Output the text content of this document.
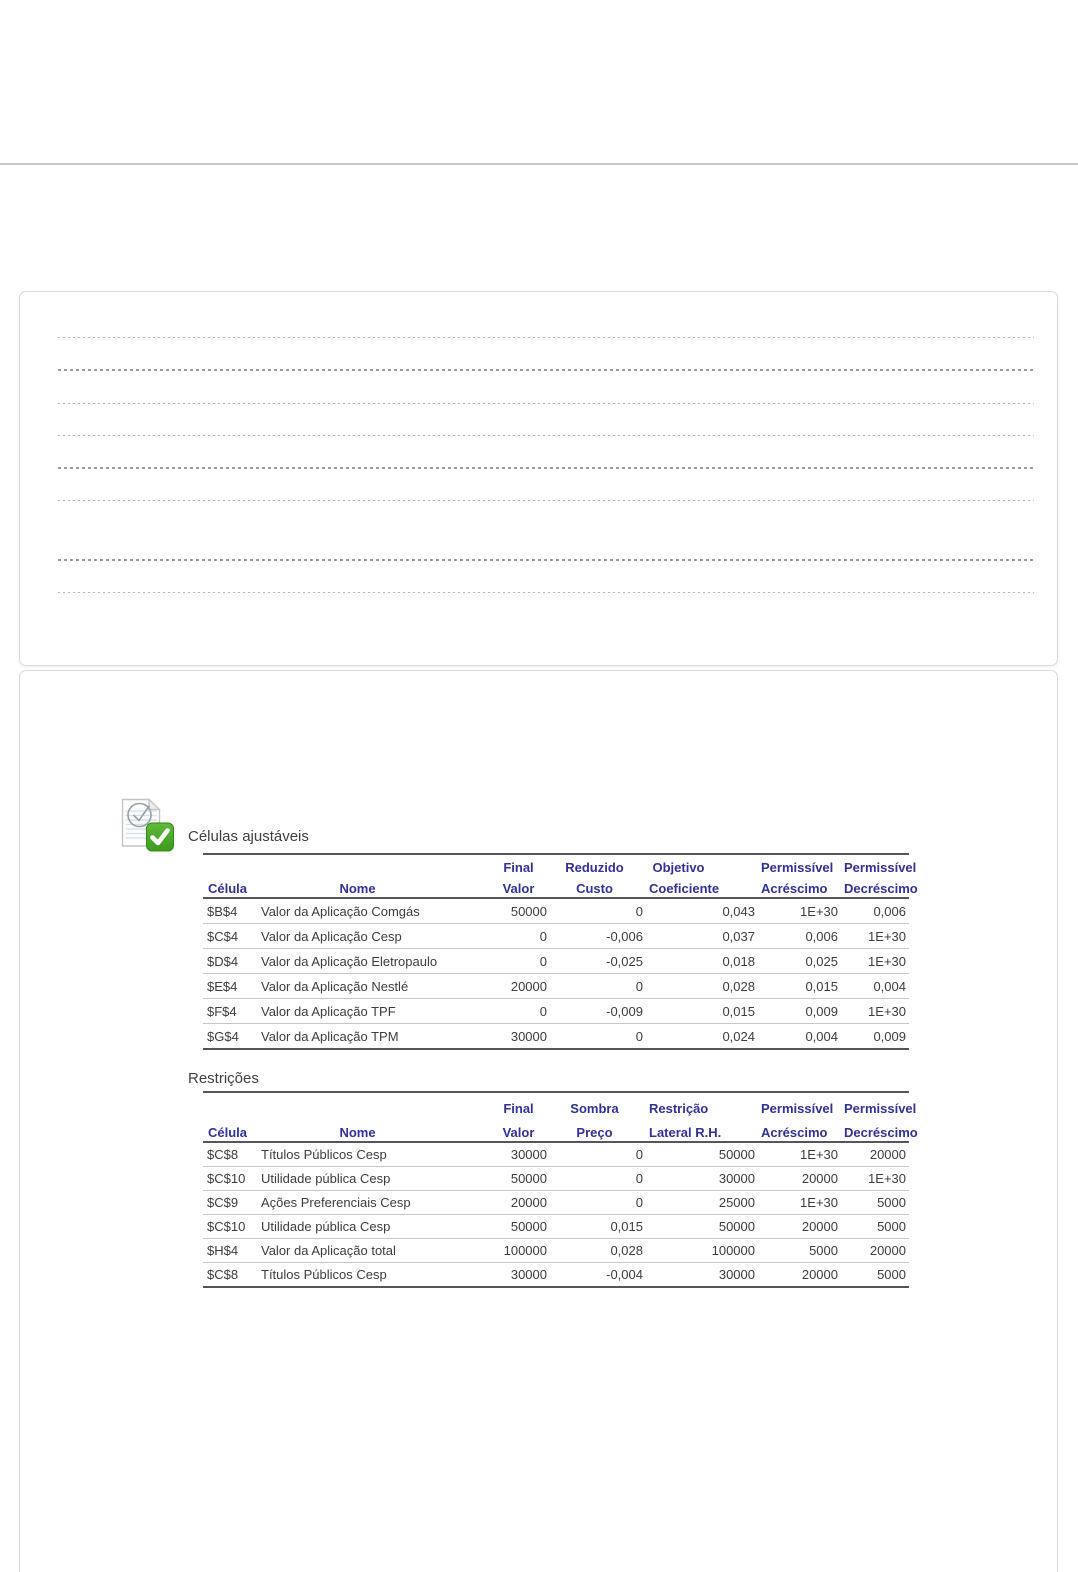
Células ajustáveis
		Final	Reduzido	Objetivo	Permissível	Permissível
Célula	Nome	Valor	Custo	Coeficiente	Acréscimo	Decréscimo
$B$4	Valor da Aplicação Comgás	50000	0	0,043	1E+30	0,006
$C$4	Valor da Aplicação Cesp	0	-0,006	0,037	0,006	1E+30
$D$4	Valor da Aplicação Eletropaulo	0	-0,025	0,018	0,025	1E+30
$E$4	Valor da Aplicação Nestlé	20000	0	0,028	0,015	0,004
$F$4	Valor da Aplicação TPF	0	-0,009	0,015	0,009	1E+30
$G$4	Valor da Aplicação TPM	30000	0	0,024	0,004	0,009
Restrições
		Final	Sombra	Restrição	Permissível	Permissível
Célula	Nome	Valor	Preço	Lateral R.H.	Acréscimo	Decréscimo
$C$8	Títulos Públicos Cesp	30000	0	50000	1E+30	20000
$C$10	Utilidade pública Cesp	50000	0	30000	20000	1E+30
$C$9	Ações Preferenciais Cesp	20000	0	25000	1E+30	5000
$C$10	Utilidade pública Cesp	50000	0,015	50000	20000	5000
$H$4	Valor da Aplicação total	100000	0,028	100000	5000	20000
$C$8	Títulos Públicos Cesp	30000	-0,004	30000	20000	5000
